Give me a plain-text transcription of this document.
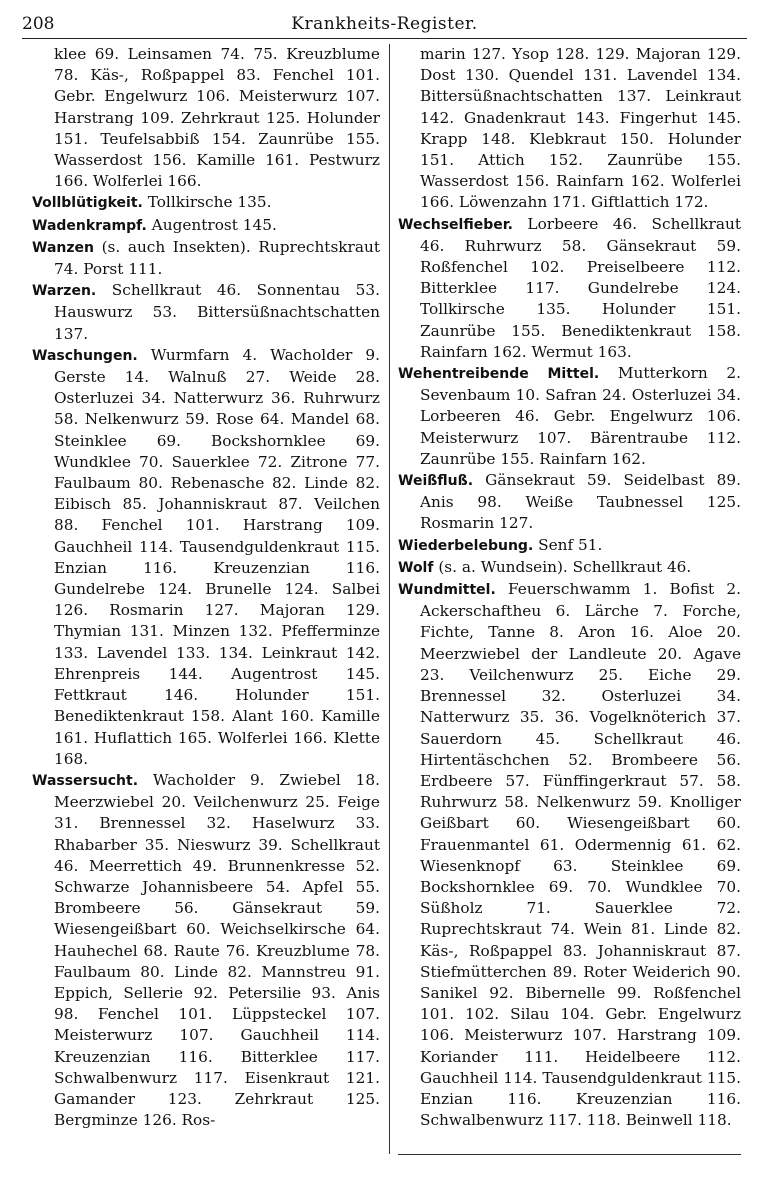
208	Krankheits-Register.

klee 69. Leinsamen 74. 75. Kreuzblume 78. Käs-, Roßpappel 83. Fenchel 101. Gebr. Engelwurz 106. Meisterwurz 107. Harstrang 109. Zehrkraut 125. Holunder 151. Teufelsabbiß 154. Zaunrübe 155. Wasserdost 156. Kamille 161. Pestwurz 166. Wolferlei 166.

Vollblütigkeit. Tollkirsche 135.

Wadenkrampf. Augentrost 145.

Wanzen (s. auch Insekten). Ruprechtskraut 74. Porst 111.

Warzen. Schellkraut 46. Sonnentau 53. Hauswurz 53. Bittersüßnachtschatten 137.

Waschungen. Wurmfarn 4. Wacholder 9. Gerste 14. Walnuß 27. Weide 28. Osterluzei 34. Natterwurz 36. Ruhrwurz 58. Nelkenwurz 59. Rose 64. Mandel 68. Steinklee 69. Bockshornklee 69. Wundklee 70. Sauerklee 72. Zitrone 77. Faulbaum 80. Rebenasche 82. Linde 82. Eibisch 85. Johanniskraut 87. Veilchen 88. Fenchel 101. Harstrang 109. Gauchheil 114. Tausendguldenkraut 115. Enzian 116. Kreuzenzian 116. Gundelrebe 124. Brunelle 124. Salbei 126. Rosmarin 127. Majoran 129. Thymian 131. Minzen 132. Pfefferminze 133. Lavendel 133. 134. Leinkraut 142. Ehrenpreis 144. Augentrost 145. Fettkraut 146. Holunder 151. Benediktenkraut 158. Alant 160. Kamille 161. Huflattich 165. Wolferlei 166. Klette 168.

Wassersucht. Wacholder 9. Zwiebel 18. Meerzwiebel 20. Veilchenwurz 25. Feige 31. Brennessel 32. Haselwurz 33. Rhabarber 35. Nieswurz 39. Schellkraut 46. Meerrettich 49. Brunnenkresse 52. Schwarze Johannisbeere 54. Apfel 55. Brombeere 56. Gänsekraut 59. Wiesengeißbart 60. Weichselkirsche 64. Hauhechel 68. Raute 76. Kreuzblume 78. Faulbaum 80. Linde 82. Mannstreu 91. Eppich, Sellerie 92. Petersilie 93. Anis 98. Fenchel 101. Lüppsteckel 107. Meisterwurz 107. Gauchheil 114. Kreuzenzian 116. Bitterklee 117. Schwalbenwurz 117. Eisenkraut 121. Gamander 123. Zehrkraut 125. Bergminze 126. Ros-

marin 127. Ysop 128. 129. Majoran 129. Dost 130. Quendel 131. Lavendel 134. Bittersüßnachtschatten 137. Leinkraut 142. Gnadenkraut 143. Fingerhut 145. Krapp 148. Klebkraut 150. Holunder 151. Attich 152. Zaunrübe 155. Wasserdost 156. Rainfarn 162. Wolferlei 166. Löwenzahn 171. Giftlattich 172.

Wechselfieber. Lorbeere 46. Schellkraut 46. Ruhrwurz 58. Gänsekraut 59. Roßfenchel 102. Preiselbeere 112. Bitterklee 117. Gundelrebe 124. Tollkirsche 135. Holunder 151. Zaunrübe 155. Benediktenkraut 158. Rainfarn 162. Wermut 163.

Wehentreibende Mittel. Mutterkorn 2. Sevenbaum 10. Safran 24. Osterluzei 34. Lorbeeren 46. Gebr. Engelwurz 106. Meisterwurz 107. Bärentraube 112. Zaunrübe 155. Rainfarn 162.

Weißfluß. Gänsekraut 59. Seidelbast 89. Anis 98. Weiße Taubnessel 125. Rosmarin 127.

Wiederbelebung. Senf 51.

Wolf (s. a. Wundsein). Schellkraut 46.

Wundmittel. Feuerschwamm 1. Bofist 2. Ackerschaftheu 6. Lärche 7. Forche, Fichte, Tanne 8. Aron 16. Aloe 20. Meerzwiebel der Landleute 20. Agave 23. Veilchenwurz 25. Eiche 29. Brennessel 32. Osterluzei 34. Natterwurz 35. 36. Vogelknöterich 37. Sauerdorn 45. Schellkraut 46. Hirtentäschchen 52. Brombeere 56. Erdbeere 57. Fünffingerkraut 57. 58. Ruhrwurz 58. Nelkenwurz 59. Knolliger Geißbart 60. Wiesengeißbart 60. Frauenmantel 61. Odermennig 61. 62. Wiesenknopf 63. Steinklee 69. Bockshornklee 69. 70. Wundklee 70. Süßholz 71. Sauerklee 72. Ruprechtskraut 74. Wein 81. Linde 82. Käs-, Roßpappel 83. Johanniskraut 87. Stiefmütterchen 89. Roter Weiderich 90. Sanikel 92. Bibernelle 99. Roßfenchel 101. 102. Silau 104. Gebr. Engelwurz 106. Meisterwurz 107. Harstrang 109. Koriander 111. Heidelbeere 112. Gauchheil 114. Tausendguldenkraut 115. Enzian 116. Kreuzenzian 116. Schwalbenwurz 117. 118. Beinwell 118.
